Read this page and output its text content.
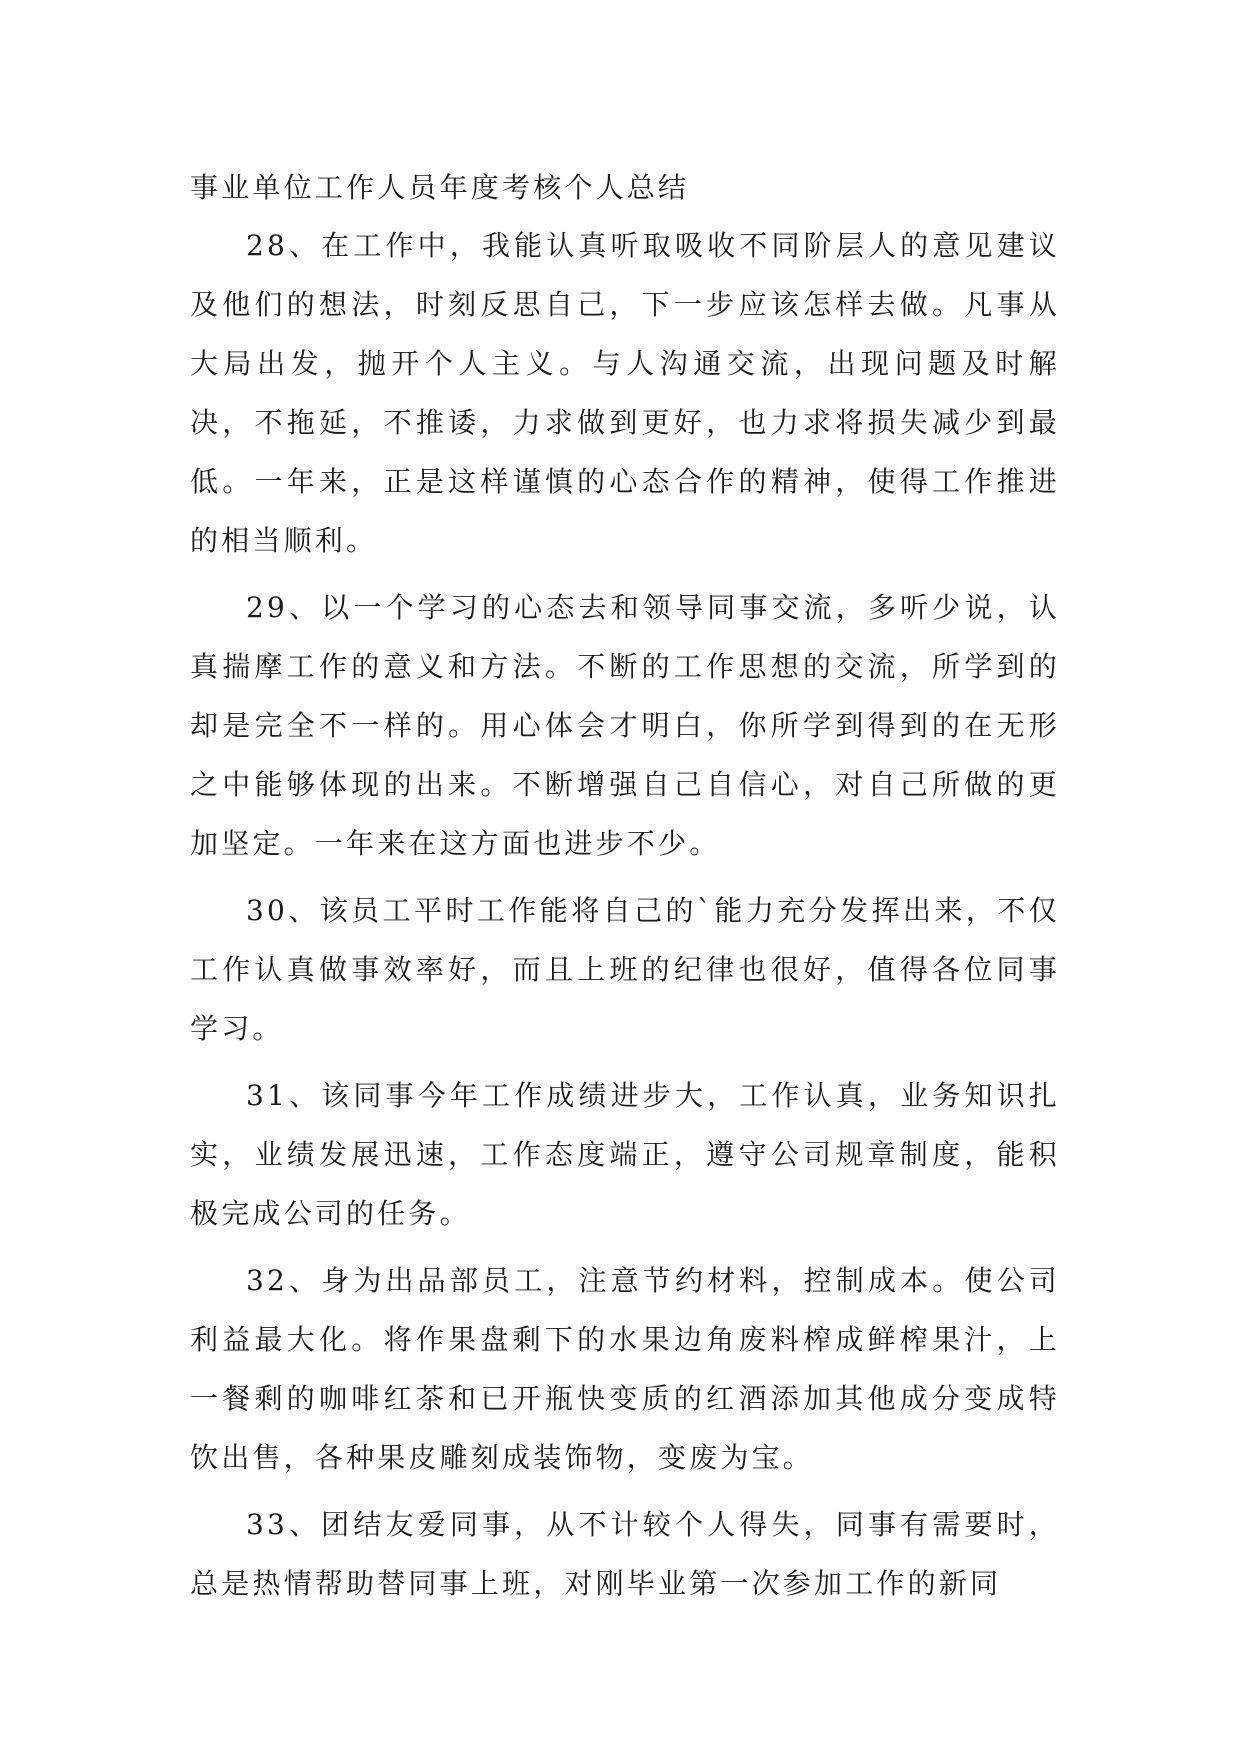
事业单位工作人员年度考核个人总结

28、在工作中，我能认真听取吸收不同阶层人的意见建议及他们的想法，时刻反思自己，下一步应该怎样去做。凡事从大局出发，抛开个人主义。与人沟通交流，出现问题及时解决，不拖延，不推诿，力求做到更好，也力求将损失减少到最低。一年来，正是这样谨慎的心态合作的精神，使得工作推进的相当顺利。

29、以一个学习的心态去和领导同事交流，多听少说，认真揣摩工作的意义和方法。不断的工作思想的交流，所学到的却是完全不一样的。用心体会才明白，你所学到得到的在无形之中能够体现的出来。不断增强自己自信心，对自己所做的更加坚定。一年来在这方面也进步不少。

30、该员工平时工作能将自己的`能力充分发挥出来，不仅工作认真做事效率好，而且上班的纪律也很好，值得各位同事学习。

31、该同事今年工作成绩进步大，工作认真，业务知识扎实，业绩发展迅速，工作态度端正，遵守公司规章制度，能积极完成公司的任务。

32、身为出品部员工，注意节约材料，控制成本。使公司利益最大化。将作果盘剩下的水果边角废料榨成鲜榨果汁，上一餐剩的咖啡红茶和已开瓶快变质的红酒添加其他成分变成特饮出售，各种果皮雕刻成装饰物，变废为宝。

33、团结友爱同事，从不计较个人得失，同事有需要时，总是热情帮助替同事上班，对刚毕业第一次参加工作的新同
